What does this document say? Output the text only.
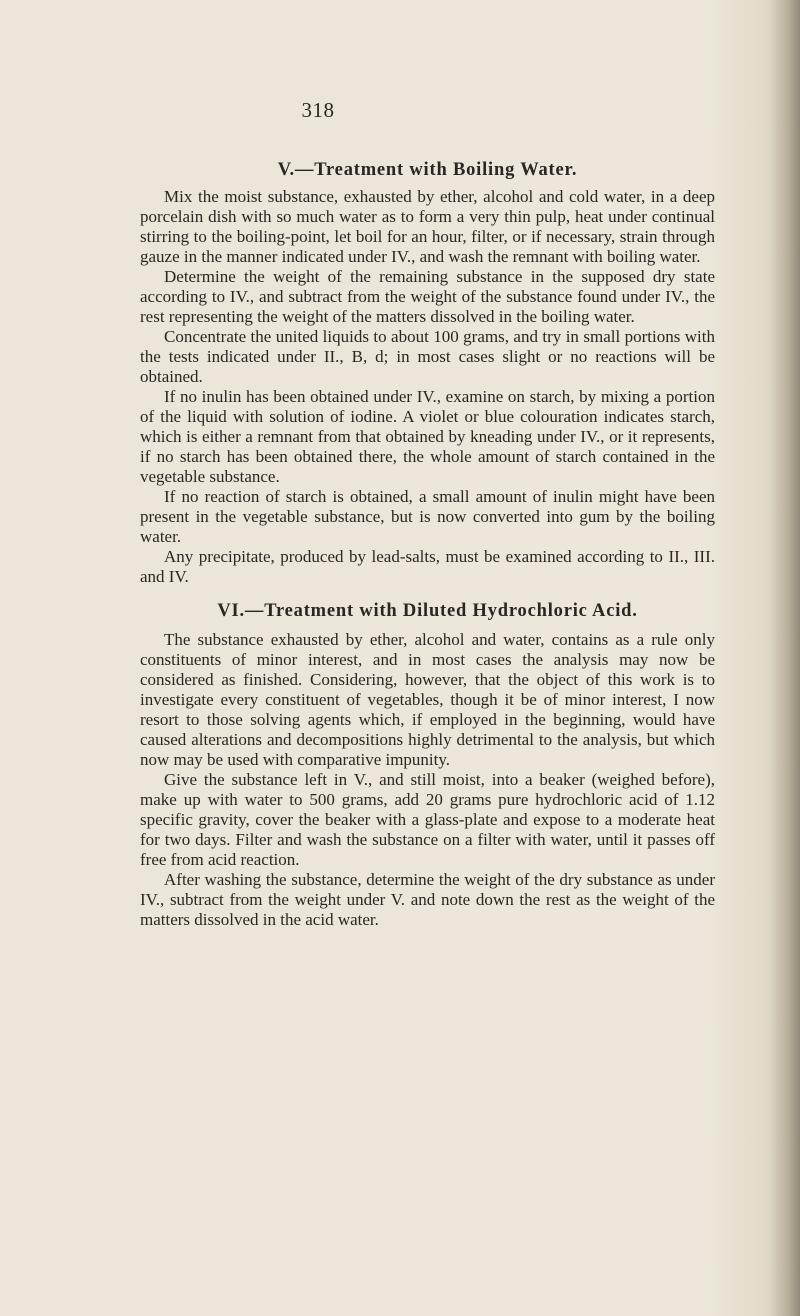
318
V.—Treatment with Boiling Water.

Mix the moist substance, exhausted by ether, alcohol and cold water, in a deep porcelain dish with so much water as to form a very thin pulp, heat under continual stirring to the boiling-point, let boil for an hour, filter, or if necessary, strain through gauze in the manner indicated under IV., and wash the remnant with boiling water.

Determine the weight of the remaining substance in the supposed dry state according to IV., and subtract from the weight of the substance found under IV., the rest representing the weight of the matters dissolved in the boiling water.

Concentrate the united liquids to about 100 grams, and try in small portions with the tests indicated under II., B, d; in most cases slight or no reactions will be obtained.

If no inulin has been obtained under IV., examine on starch, by mixing a portion of the liquid with solution of iodine. A violet or blue colouration indicates starch, which is either a remnant from that obtained by kneading under IV., or it represents, if no starch has been obtained there, the whole amount of starch contained in the vegetable substance.

If no reaction of starch is obtained, a small amount of inulin might have been present in the vegetable substance, but is now converted into gum by the boiling water.

Any precipitate, produced by lead-salts, must be examined according to II., III. and IV.

VI.—Treatment with Diluted Hydrochloric Acid.

The substance exhausted by ether, alcohol and water, contains as a rule only constituents of minor interest, and in most cases the analysis may now be considered as finished. Considering, however, that the object of this work is to investigate every constituent of vegetables, though it be of minor interest, I now resort to those solving agents which, if employed in the beginning, would have caused alterations and decompositions highly detrimental to the analysis, but which now may be used with comparative impunity.

Give the substance left in V., and still moist, into a beaker (weighed before), make up with water to 500 grams, add 20 grams pure hydrochloric acid of 1.12 specific gravity, cover the beaker with a glass-plate and expose to a moderate heat for two days. Filter and wash the substance on a filter with water, until it passes off free from acid reaction.

After washing the substance, determine the weight of the dry substance as under IV., subtract from the weight under V. and note down the rest as the weight of the matters dissolved in the acid water.
